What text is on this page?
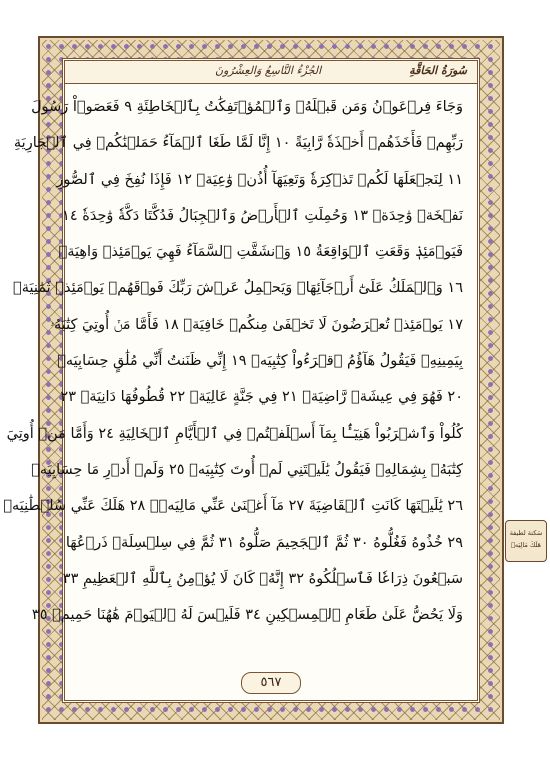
سُورَةُ الحَاقَّةِ
الجُزْءُ التَّاسِعُ وَالعِشْرُونَ
وَجَاءَ فِرۡعَوۡنُ وَمَن قَبۡلَهُۥ وَٱلۡمُؤۡتَفِكَٰتُ بِٱلۡخَاطِئَةِ ٩ فَعَصَوۡاْ رَسُولَ
رَبِّهِمۡ فَأَخَذَهُمۡ أَخۡذَةٗ رَّابِيَةً ١٠ إِنَّا لَمَّا طَغَا ٱلۡمَآءُ حَمَلۡنَٰكُمۡ فِي ٱلۡجَارِيَةِ
١١ لِنَجۡعَلَهَا لَكُمۡ تَذۡكِرَةٗ وَتَعِيَهَآ أُذُنٞ وَٰعِيَةٞ ١٢ فَإِذَا نُفِخَ فِي ٱلصُّورِ
نَفۡخَةٞ وَٰحِدَةٞ ١٣ وَحُمِلَتِ ٱلۡأَرۡضُ وَٱلۡجِبَالُ فَدُكَّتَا دَكَّةٗ وَٰحِدَةٗ ١٤
فَيَوۡمَئِذٖ وَقَعَتِ ٱلۡوَاقِعَةُ ١٥ وَٱنشَقَّتِ ٱلسَّمَآءُ فَهِيَ يَوۡمَئِذٖ وَاهِيَةٞ
١٦ وَٱلۡمَلَكُ عَلَىٰٓ أَرۡجَآئِهَاۚ وَيَحۡمِلُ عَرۡشَ رَبِّكَ فَوۡقَهُمۡ يَوۡمَئِذٖ ثَمَٰنِيَةٞ
١٧ يَوۡمَئِذٖ تُعۡرَضُونَ لَا تَخۡفَىٰ مِنكُمۡ خَافِيَةٞ ١٨ فَأَمَّا مَنۡ أُوتِيَ كِتَٰبَهُۥ
بِيَمِينِهِۦ فَيَقُولُ هَآؤُمُ ٱقۡرَءُواْ كِتَٰبِيَهۡ ١٩ إِنِّي ظَنَنتُ أَنِّي مُلَٰقٍ حِسَابِيَهۡ
٢٠ فَهُوَ فِي عِيشَةٖ رَّاضِيَةٖ ٢١ فِي جَنَّةٍ عَالِيَةٖ ٢٢ قُطُوفُهَا دَانِيَةٞ ٢٣
كُلُواْ وَٱشۡرَبُواْ هَنِيٓـَٔۢا بِمَآ أَسۡلَفۡتُمۡ فِي ٱلۡأَيَّامِ ٱلۡخَالِيَةِ ٢٤ وَأَمَّا مَنۡ أُوتِيَ
كِتَٰبَهُۥ بِشِمَالِهِۦ فَيَقُولُ يَٰلَيۡتَنِي لَمۡ أُوتَ كِتَٰبِيَهۡ ٢٥ وَلَمۡ أَدۡرِ مَا حِسَابِيَهۡ
٢٦ يَٰلَيۡتَهَا كَانَتِ ٱلۡقَاضِيَةَ ٢٧ مَآ أَغۡنَىٰ عَنِّي مَالِيَهۡۜ ٢٨ هَلَكَ عَنِّي سُلۡطَٰنِيَهۡ
٢٩ خُذُوهُ فَغُلُّوهُ ٣٠ ثُمَّ ٱلۡجَحِيمَ صَلُّوهُ ٣١ ثُمَّ فِي سِلۡسِلَةٖ ذَرۡعُهَا
سَبۡعُونَ ذِرَاعٗا فَٱسۡلُكُوهُ ٣٢ إِنَّهُۥ كَانَ لَا يُؤۡمِنُ بِٱللَّهِ ٱلۡعَظِيمِ ٣٣
وَلَا يَحُضُّ عَلَىٰ طَعَامِ ٱلۡمِسۡكِينِ ٣٤ فَلَيۡسَ لَهُ ٱلۡيَوۡمَ هَٰهُنَا حَمِيمٞ ٣٥
٥٦٧
سَكتة لطيفة
هَلَكَ مَالِيَهۡ
